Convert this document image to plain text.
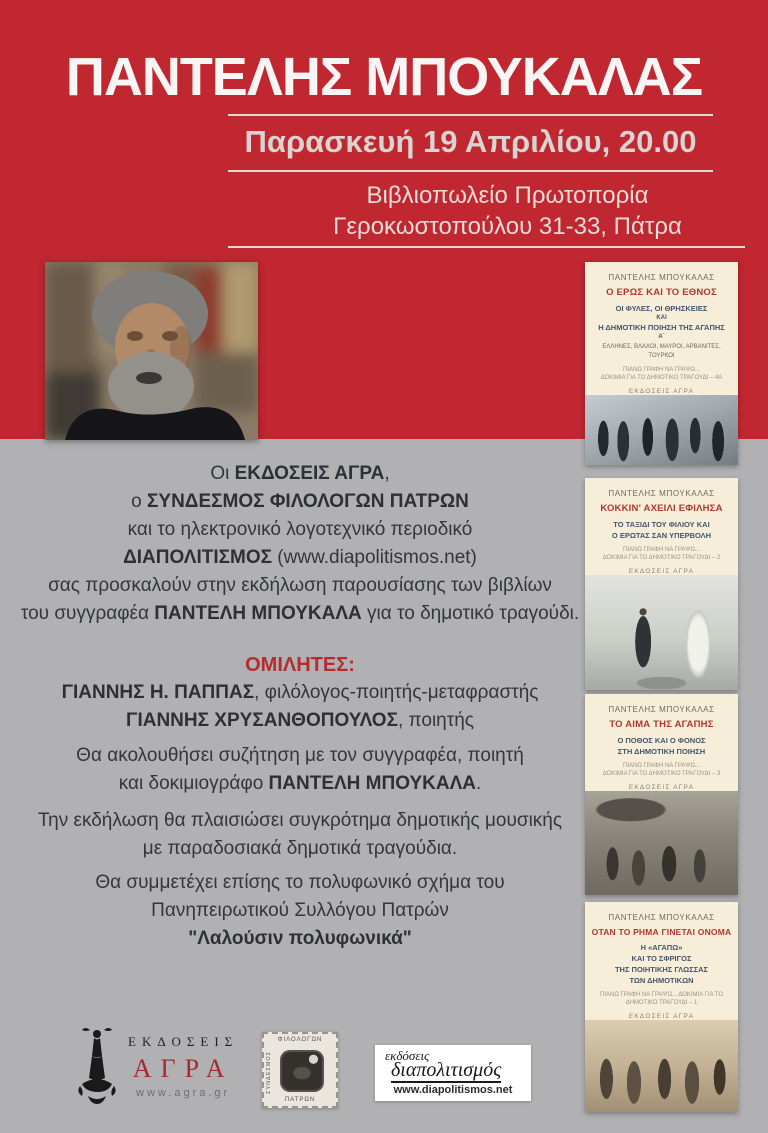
ΠΑΝΤΕΛΗΣ ΜΠΟΥΚΑΛΑΣ
Παρασκευή 19 Απριλίου, 20.00
Βιβλιοπωλείο Πρωτοπορία
Γεροκωστοπούλου 31-33, Πάτρα
Οι ΕΚΔΟΣΕΙΣ ΑΓΡΑ,
ο ΣΥΝΔΕΣΜΟΣ ΦΙΛΟΛΟΓΩΝ ΠΑΤΡΩΝ
και το ηλεκτρονικό λογοτεχνικό περιοδικό
ΔΙΑΠΟΛΙΤΙΣΜΟΣ (www.diapolitismos.net)
σας προσκαλούν στην εκδήλωση παρουσίασης των βιβλίων
του συγγραφέα ΠΑΝΤΕΛΗ ΜΠΟΥΚΑΛΑ για το δημοτικό τραγούδι.
ΟΜΙΛΗΤΕΣ:
ΓΙΑΝΝΗΣ Η. ΠΑΠΠΑΣ, φιλόλογος-ποιητής-μεταφραστής
ΓΙΑΝΝΗΣ ΧΡΥΣΑΝΘΟΠΟΥΛΟΣ, ποιητής
Θα ακολουθήσει συζήτηση με τον συγγραφέα, ποιητή
και δοκιμιογράφο ΠΑΝΤΕΛΗ ΜΠΟΥΚΑΛΑ.
Την εκδήλωση θα πλαισιώσει συγκρότημα δημοτικής μουσικής
με παραδοσιακά δημοτικά τραγούδια.
Θα συμμετέχει επίσης το πολυφωνικό σχήμα του
Πανηπειρωτικού Συλλόγου Πατρών
"Λαλούσιν πολυφωνικά"
ΠΑΝΤΕΛΗΣ ΜΠΟΥΚΑΛΑΣ
Ο ΕΡΩΣ ΚΑΙ ΤΟ ΕΘΝΟΣ
ΟΙ ΦΥΛΕΣ, ΟΙ ΘΡΗΣΚΕΙΕΣ
ΚΑΙ
Η ΔΗΜΟΤΙΚΗ ΠΟΙΗΣΗ ΤΗΣ ΑΓΑΠΗΣ
Α΄
ΕΛΛΗΝΕΣ, ΒΛΑΧΟΙ, ΜΑΥΡΟΙ, ΑΡΒΑΝΙΤΕΣ, ΤΟΥΡΚΟΙ
ΠΙΑΝΩ ΓΡΑΦΗ ΝΑ ΓΡΑΨΩ...
ΔΟΚΙΜΙΑ ΓΙΑ ΤΟ ΔΗΜΟΤΙΚΟ ΤΡΑΓΟΥΔΙ – 4Α
ΕΚΔΟΣΕΙΣ ΑΓΡΑ
ΠΑΝΤΕΛΗΣ ΜΠΟΥΚΑΛΑΣ
ΚΟΚΚΙΝ' ΑΧΕΙΛΙ ΕΦΙΛΗΣΑ
ΤΟ ΤΑΞΙΔΙ ΤΟΥ ΦΙΛΙΟΥ ΚΑΙ
Ο ΕΡΩΤΑΣ ΣΑΝ ΥΠΕΡΒΟΛΗ
ΠΙΑΝΩ ΓΡΑΦΗ ΝΑ ΓΡΑΨΩ...
ΔΟΚΙΜΙΑ ΓΙΑ ΤΟ ΔΗΜΟΤΙΚΟ ΤΡΑΓΟΥΔΙ – 2
ΕΚΔΟΣΕΙΣ ΑΓΡΑ
ΠΑΝΤΕΛΗΣ ΜΠΟΥΚΑΛΑΣ
ΤΟ ΑΙΜΑ ΤΗΣ ΑΓΑΠΗΣ
Ο ΠΟΘΟΣ ΚΑΙ Ο ΦΟΝΟΣ
ΣΤΗ ΔΗΜΟΤΙΚΗ ΠΟΙΗΣΗ
ΠΙΑΝΩ ΓΡΑΦΗ ΝΑ ΓΡΑΨΩ...
ΔΟΚΙΜΙΑ ΓΙΑ ΤΟ ΔΗΜΟΤΙΚΟ ΤΡΑΓΟΥΔΙ – 3
ΕΚΔΟΣΕΙΣ ΑΓΡΑ
ΠΑΝΤΕΛΗΣ ΜΠΟΥΚΑΛΑΣ
ΟΤΑΝ ΤΟ ΡΗΜΑ ΓΙΝΕΤΑΙ ΟΝΟΜΑ
Η «ΑΓΑΠΩ»
ΚΑΙ ΤΟ ΣΦΡΙΓΟΣ
ΤΗΣ ΠΟΙΗΤΙΚΗΣ ΓΛΩΣΣΑΣ
ΤΩΝ ΔΗΜΟΤΙΚΩΝ
ΠΙΑΝΩ ΓΡΑΦΗ ΝΑ ΓΡΑΨΩ... ΔΟΚΙΜΙΑ ΓΙΑ ΤΟ ΔΗΜΟΤΙΚΟ ΤΡΑΓΟΥΔΙ – 1
ΕΚΔΟΣΕΙΣ ΑΓΡΑ
ΕΚΔΟΣΕΙΣ
ΑΓΡΑ
www.agra.gr
ΦΙΛΟΛΟΓΩΝ
ΣΥΝΔΕΣΜΟΣ
ΠΑΤΡΩΝ
εκδόσεις
διαπολιτισμός
www.diapolitismos.net
